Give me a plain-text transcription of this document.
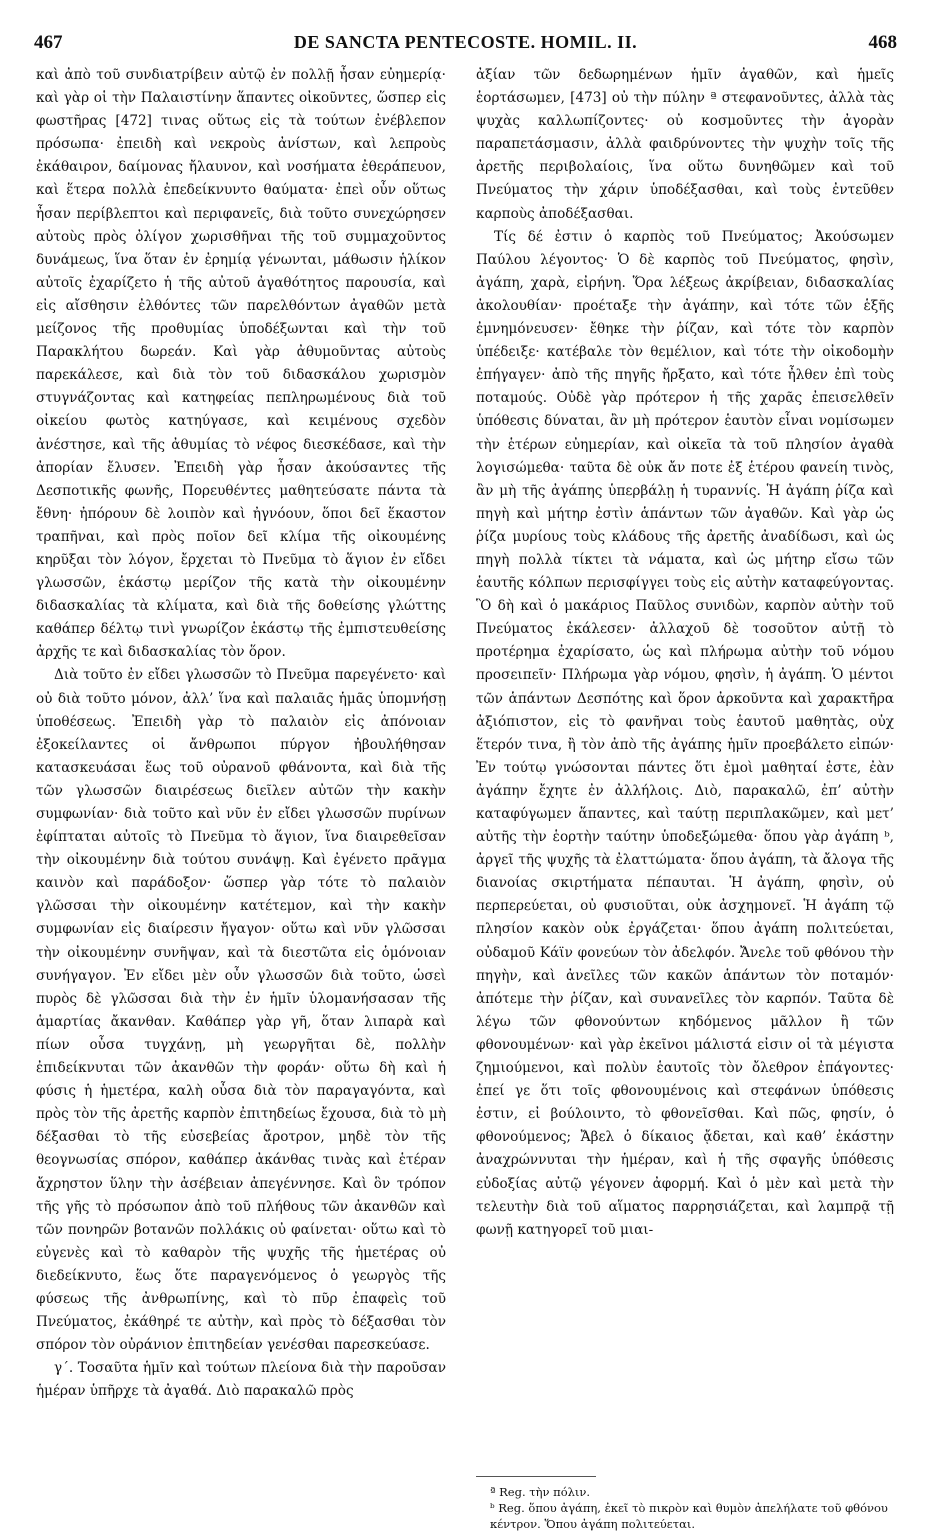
467	DE SANCTA PENTECOSTE. HOMIL. II.	468

καὶ ἀπὸ τοῦ συνδιατρίβειν αὐτῷ ἐν πολλῇ ἦσαν εὐημερίᾳ· καὶ γὰρ οἱ τὴν Παλαιστίνην ἅπαντες οἰκοῦντες, ὥσπερ εἰς φωστῆρας [472] τινας οὕτως εἰς τὰ τούτων ἐνέβλεπον πρόσωπα· ἐπειδὴ καὶ νεκροὺς ἀνίστων, καὶ λεπροὺς ἐκάθαιρον, δαίμονας ἤλαυνον, καὶ νοσήματα ἐθεράπευον, καὶ ἕτερα πολλὰ ἐπεδείκνυντο θαύματα· ἐπεὶ οὖν οὕτως ἦσαν περίβλεπτοι καὶ περιφανεῖς, διὰ τοῦτο συνεχώρησεν αὐτοὺς πρὸς ὀλίγον χωρισθῆναι τῆς τοῦ συμμαχοῦντος δυνάμεως, ἵνα ὅταν ἐν ἐρημίᾳ γένωνται, μάθωσιν ἡλίκον αὐτοῖς ἐχαρίζετο ἡ τῆς αὐτοῦ ἀγαθότητος παρουσία, καὶ εἰς αἴσθησιν ἐλθόντες τῶν παρελθόντων ἀγαθῶν μετὰ μείζονος τῆς προθυμίας ὑποδέξωνται καὶ τὴν τοῦ Παρακλήτου δωρεάν. Καὶ γὰρ ἀθυμοῦντας αὐτοὺς παρεκάλεσε, καὶ διὰ τὸν τοῦ διδασκάλου χωρισμὸν στυγνάζοντας καὶ κατηφείας πεπληρωμένους διὰ τοῦ οἰκείου φωτὸς κατηύγασε, καὶ κειμένους σχεδὸν ἀνέστησε, καὶ τῆς ἀθυμίας τὸ νέφος διεσκέδασε, καὶ τὴν ἀπορίαν ἔλυσεν. Ἐπειδὴ γὰρ ἦσαν ἀκούσαντες τῆς Δεσποτικῆς φωνῆς, Πορευθέντες μαθητεύσατε πάντα τὰ ἔθνη· ἠπόρουν δὲ λοιπὸν καὶ ἠγνόουν, ὅποι δεῖ ἕκαστον τραπῆναι, καὶ πρὸς ποῖον δεῖ κλίμα τῆς οἰκουμένης κηρῦξαι τὸν λόγον, ἔρχεται τὸ Πνεῦμα τὸ ἅγιον ἐν εἴδει γλωσσῶν, ἑκάστῳ μερίζον τῆς κατὰ τὴν οἰκουμένην διδασκαλίας τὰ κλίματα, καὶ διὰ τῆς δοθείσης γλώττης καθάπερ δέλτῳ τινὶ γνωρίζον ἑκάστῳ τῆς ἐμπιστευθείσης ἀρχῆς τε καὶ διδασκαλίας τὸν ὅρον.

Διὰ τοῦτο ἐν εἴδει γλωσσῶν τὸ Πνεῦμα παρεγένετο· καὶ οὐ διὰ τοῦτο μόνον, ἀλλ’ ἵνα καὶ παλαιᾶς ἡμᾶς ὑπομνήσῃ ὑποθέσεως. Ἐπειδὴ γὰρ τὸ παλαιὸν εἰς ἀπόνοιαν ἐξοκείλαντες οἱ ἄνθρωποι πύργον ἠβουλήθησαν κατασκευάσαι ἕως τοῦ οὐρανοῦ φθάνοντα, καὶ διὰ τῆς τῶν γλωσσῶν διαιρέσεως διεῖλεν αὐτῶν τὴν κακὴν συμφωνίαν· διὰ τοῦτο καὶ νῦν ἐν εἴδει γλωσσῶν πυρίνων ἐφίπταται αὐτοῖς τὸ Πνεῦμα τὸ ἅγιον, ἵνα διαιρεθεῖσαν τὴν οἰκουμένην διὰ τούτου συνάψῃ. Καὶ ἐγένετο πρᾶγμα καινὸν καὶ παράδοξον· ὥσπερ γὰρ τότε τὸ παλαιὸν γλῶσσαι τὴν οἰκουμένην κατέτεμον, καὶ τὴν κακὴν συμφωνίαν εἰς διαίρεσιν ἤγαγον· οὕτω καὶ νῦν γλῶσσαι τὴν οἰκουμένην συνῆψαν, καὶ τὰ διεστῶτα εἰς ὁμόνοιαν συνήγαγον. Ἐν εἴδει μὲν οὖν γλωσσῶν διὰ τοῦτο, ὡσεὶ πυρὸς δὲ γλῶσσαι διὰ τὴν ἐν ἡμῖν ὑλομανήσασαν τῆς ἁμαρτίας ἄκανθαν. Καθάπερ γὰρ γῆ, ὅταν λιπαρὰ καὶ πίων οὖσα τυγχάνῃ, μὴ γεωργῆται δὲ, πολλὴν ἐπιδείκνυται τῶν ἀκανθῶν τὴν φοράν· οὕτω δὴ καὶ ἡ φύσις ἡ ἡμετέρα, καλὴ οὖσα διὰ τὸν παραγαγόντα, καὶ πρὸς τὸν τῆς ἀρετῆς καρπὸν ἐπιτηδείως ἔχουσα, διὰ τὸ μὴ δέξασθαι τὸ τῆς εὐσεβείας ἄροτρον, μηδὲ τὸν τῆς θεογνωσίας σπόρον, καθάπερ ἀκάνθας τινὰς καὶ ἑτέραν ἄχρηστον ὕλην τὴν ἀσέβειαν ἀπεγέννησε. Καὶ ὃν τρόπον τῆς γῆς τὸ πρόσωπον ἀπὸ τοῦ πλήθους τῶν ἀκανθῶν καὶ τῶν πονηρῶν βοτανῶν πολλάκις οὐ φαίνεται· οὕτω καὶ τὸ εὐγενὲς καὶ τὸ καθαρὸν τῆς ψυχῆς τῆς ἡμετέρας οὐ διεδείκνυτο, ἕως ὅτε παραγενόμενος ὁ γεωργὸς τῆς φύσεως τῆς ἀνθρωπίνης, καὶ τὸ πῦρ ἐπαφεὶς τοῦ Πνεύματος, ἐκάθηρέ τε αὐτὴν, καὶ πρὸς τὸ δέξασθαι τὸν σπόρον τὸν οὐράνιον ἐπιτηδείαν γενέσθαι παρεσκεύασε.

γ΄. Τοσαῦτα ἡμῖν καὶ τούτων πλείονα διὰ τὴν παροῦσαν ἡμέραν ὑπῆρχε τὰ ἀγαθά. Διὸ παρακαλῶ πρὸς

ἀξίαν τῶν δεδωρημένων ἡμῖν ἀγαθῶν, καὶ ἡμεῖς ἑορτάσωμεν, [473] οὐ τὴν πύλην ª στεφανοῦντες, ἀλλὰ τὰς ψυχὰς καλλωπίζοντες· οὐ κοσμοῦντες τὴν ἀγορὰν παραπετάσμασιν, ἀλλὰ φαιδρύνοντες τὴν ψυχὴν τοῖς τῆς ἀρετῆς περιβολαίοις, ἵνα οὕτω δυνηθῶμεν καὶ τοῦ Πνεύματος τὴν χάριν ὑποδέξασθαι, καὶ τοὺς ἐντεῦθεν καρποὺς ἀποδέξασθαι.

Τίς δέ ἐστιν ὁ καρπὸς τοῦ Πνεύματος; Ἀκούσωμεν Παύλου λέγοντος· Ὁ δὲ καρπὸς τοῦ Πνεύματος, φησὶν, ἀγάπη, χαρὰ, εἰρήνη. Ὅρα λέξεως ἀκρίβειαν, διδασκαλίας ἀκολουθίαν· προέταξε τὴν ἀγάπην, καὶ τότε τῶν ἑξῆς ἐμνημόνευσεν· ἔθηκε τὴν ῥίζαν, καὶ τότε τὸν καρπὸν ὑπέδειξε· κατέβαλε τὸν θεμέλιον, καὶ τότε τὴν οἰκοδομὴν ἐπήγαγεν· ἀπὸ τῆς πηγῆς ἤρξατο, καὶ τότε ἦλθεν ἐπὶ τοὺς ποταμούς. Οὐδὲ γὰρ πρότερον ἡ τῆς χαρᾶς ἐπεισελθεῖν ὑπόθεσις δύναται, ἂν μὴ πρότερον ἑαυτὸν εἶναι νομίσωμεν τὴν ἑτέρων εὐημερίαν, καὶ οἰκεῖα τὰ τοῦ πλησίον ἀγαθὰ λογισώμεθα· ταῦτα δὲ οὐκ ἄν ποτε ἐξ ἑτέρου φανείη τινὸς, ἂν μὴ τῆς ἀγάπης ὑπερβάλῃ ἡ τυραννίς. Ἡ ἀγάπη ῥίζα καὶ πηγὴ καὶ μήτηρ ἐστὶν ἁπάντων τῶν ἀγαθῶν. Καὶ γὰρ ὡς ῥίζα μυρίους τοὺς κλάδους τῆς ἀρετῆς ἀναδίδωσι, καὶ ὡς πηγὴ πολλὰ τίκτει τὰ νάματα, καὶ ὡς μήτηρ εἴσω τῶν ἑαυτῆς κόλπων περισφίγγει τοὺς εἰς αὐτὴν καταφεύγοντας. Ὃ δὴ καὶ ὁ μακάριος Παῦλος συνιδὼν, καρπὸν αὐτὴν τοῦ Πνεύματος ἐκάλεσεν· ἀλλαχοῦ δὲ τοσοῦτον αὐτῇ τὸ προτέρημα ἐχαρίσατο, ὡς καὶ πλήρωμα αὐτὴν τοῦ νόμου προσειπεῖν· Πλήρωμα γὰρ νόμου, φησὶν, ἡ ἀγάπη. Ὁ μέντοι τῶν ἁπάντων Δεσπότης καὶ ὅρον ἀρκοῦντα καὶ χαρακτῆρα ἀξιόπιστον, εἰς τὸ φανῆναι τοὺς ἑαυτοῦ μαθητὰς, οὐχ ἕτερόν τινα, ἢ τὸν ἀπὸ τῆς ἀγάπης ἡμῖν προεβάλετο εἰπών· Ἐν τούτῳ γνώσονται πάντες ὅτι ἐμοὶ μαθηταί ἐστε, ἐὰν ἀγάπην ἔχητε ἐν ἀλλήλοις. Διὸ, παρακαλῶ, ἐπ’ αὐτὴν καταφύγωμεν ἅπαντες, καὶ ταύτῃ περιπλακῶμεν, καὶ μετ’ αὐτῆς τὴν ἑορτὴν ταύτην ὑποδεξώμεθα· ὅπου γὰρ ἀγάπη ᵇ, ἀργεῖ τῆς ψυχῆς τὰ ἐλαττώματα· ὅπου ἀγάπη, τὰ ἄλογα τῆς διανοίας σκιρτήματα πέπαυται. Ἡ ἀγάπη, φησὶν, οὐ περπερεύεται, οὐ φυσιοῦται, οὐκ ἀσχημονεῖ. Ἡ ἀγάπη τῷ πλησίον κακὸν οὐκ ἐργάζεται· ὅπου ἀγάπη πολιτεύεται, οὐδαμοῦ Κάϊν φονεύων τὸν ἀδελφόν. Ἄνελε τοῦ φθόνου τὴν πηγὴν, καὶ ἀνεῖλες τῶν κακῶν ἁπάντων τὸν ποταμόν· ἀπότεμε τὴν ῥίζαν, καὶ συνανεῖλες τὸν καρπόν. Ταῦτα δὲ λέγω τῶν φθονούντων κηδόμενος μᾶλλον ἢ τῶν φθονουμένων· καὶ γὰρ ἐκεῖνοι μάλιστά εἰσιν οἱ τὰ μέγιστα ζημιούμενοι, καὶ πολὺν ἑαυτοῖς τὸν ὄλεθρον ἐπάγοντες· ἐπεί γε ὅτι τοῖς φθονουμένοις καὶ στεφάνων ὑπόθεσις ἐστιν, εἰ βούλοιντο, τὸ φθονεῖσθαι. Καὶ πῶς, φησίν, ὁ φθονούμενος; Ἄβελ ὁ δίκαιος ᾄδεται, καὶ καθ’ ἑκάστην ἀναχρώννυται τὴν ἡμέραν, καὶ ἡ τῆς σφαγῆς ὑπόθεσις εὐδοξίας αὐτῷ γέγονεν ἀφορμή. Καὶ ὁ μὲν καὶ μετὰ τὴν τελευτὴν διὰ τοῦ αἵματος παρρησιάζεται, καὶ λαμπρᾷ τῇ φωνῇ κατηγορεῖ τοῦ μιαι-

ª Reg. τὴν πόλιν.

ᵇ Reg. ὅπου ἀγάπη, ἐκεῖ τὸ πικρὸν καὶ θυμὸν ἀπελήλατε τοῦ φθόνου κέντρον. Ὅπου ἀγάπη πολιτεύεται.
